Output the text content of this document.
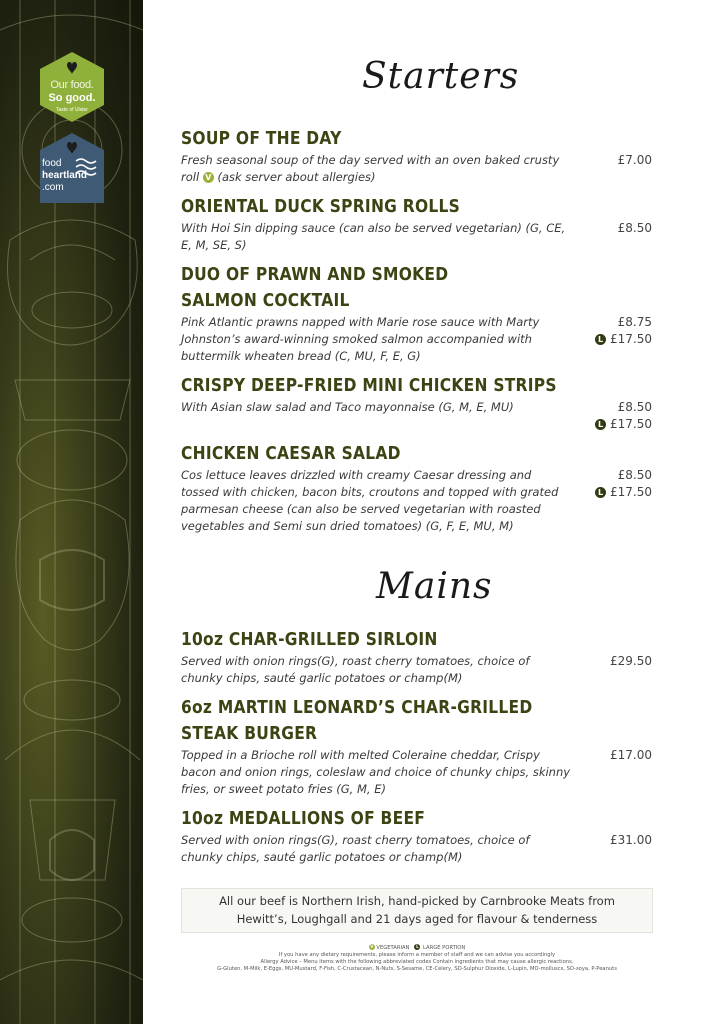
Our food.
So good.
Taste of Ulster
food
heartland
.com
Starters
SOUP OF THE DAY
Fresh seasonal soup of the day served with an oven baked crusty roll V (ask server about allergies)
£7.00
ORIENTAL DUCK SPRING ROLLS
With Hoi Sin dipping sauce (can also be served vegetarian) (G, CE, E, M, SE, S)
£8.50
DUO OF PRAWN AND SMOKED
SALMON COCKTAIL
Pink Atlantic prawns napped with Marie rose sauce with Marty Johnston’s award-winning smoked salmon accompanied with buttermilk wheaten bread (C, MU, F, E, G)
£8.75
L £17.50
CRISPY DEEP-FRIED MINI CHICKEN STRIPS
With Asian slaw salad and Taco mayonnaise (G, M, E, MU)	£8.50
L £17.50
CHICKEN CAESAR SALAD
Cos lettuce leaves drizzled with creamy Caesar dressing and tossed with chicken, bacon bits, croutons and topped with grated parmesan cheese (can also be served vegetarian with roasted vegetables and Semi sun dried tomatoes) (G, F, E, MU, M)
£8.50
L £17.50
Mains
10oz CHAR-GRILLED SIRLOIN
Served with onion rings(G), roast cherry tomatoes, choice of chunky chips, sauté garlic potatoes or champ(M)
£29.50
6oz MARTIN LEONARD’S CHAR-GRILLED
STEAK BURGER
Topped in a Brioche roll with melted Coleraine cheddar, Crispy bacon and onion rings, coleslaw and choice of chunky chips, skinny fries, or sweet potato fries (G, M, E)
£17.00
10oz MEDALLIONS OF BEEF
Served with onion rings(G), roast cherry tomatoes, choice of chunky chips, sauté garlic potatoes or champ(M)
£31.00
All our beef is Northern Irish, hand-picked by Carnbrooke Meats from
Hewitt’s, Loughgall and 21 days aged for flavour & tenderness
V VEGETARIAN L LARGE PORTION
If you have any dietary requirements, please inform a member of staff and we can advise you accordingly
Allergy Advice – Menu items with the following abbreviated codes Contain ingredients that may cause allergic reactions.
G-Gluten, M-Milk, E-Eggs, MU-Mustard, F-Fish, C-Crustacean, N-Nuts, S-Sesame, CE-Celery, SD-Sulphur Dioxide, L-Lupin, MO-molluscs, SO-soya, P-Peanuts
